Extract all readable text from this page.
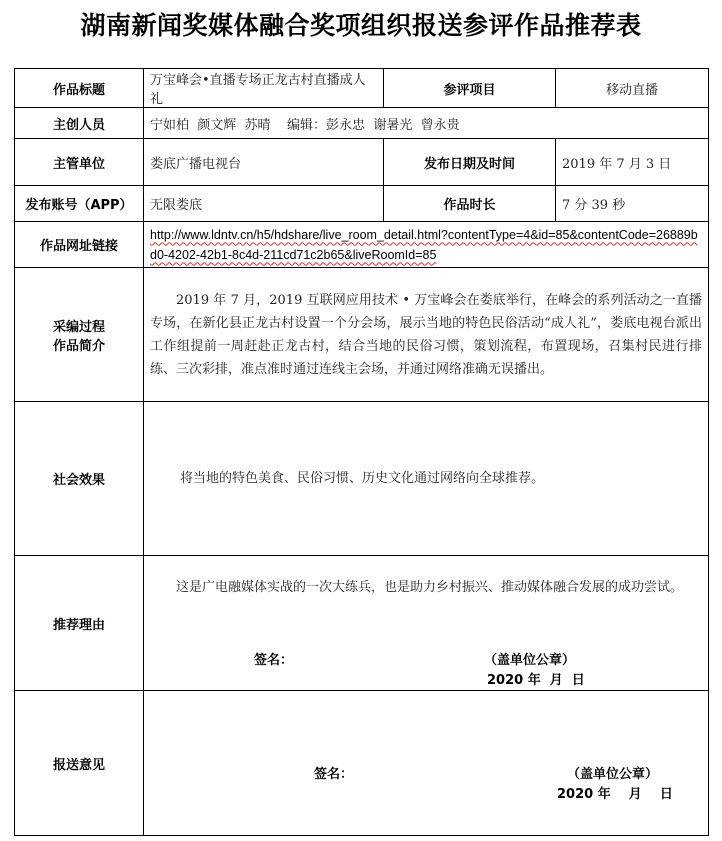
湖南新闻奖媒体融合奖项组织报送参评作品推荐表
作品标题	万宝峰会•直播专场正龙古村直播成人礼	参评项目	移动直播
主创人员	宁如柏  颜文辉  苏晴    编辑：彭永忠  谢暑光  曾永贵		
主管单位	娄底广播电视台	发布日期及时间	2019 年 7 月 3 日
发布账号（APP）	无限娄底	作品时长	7 分 39 秒
作品网址链接	http://www.ldntv.cn/h5/hdshare/live_room_detail.html?contentType=4&id=85&contentCode=26889bd0-4202-42b1-8c4d-211cd71c2b65&liveRoomId=85		

采编过程
作品简介	2019 年 7 月，2019 互联网应用技术 • 万宝峰会在娄底举行，在峰会的系列活动之一直播专场，在新化县正龙古村设置一个分会场，展示当地的特色民俗活动“成人礼”，娄底电视台派出工作组提前一周赶赴正龙古村，结合当地的民俗习惯，策划流程，布置现场，召集村民进行排练、三次彩排，准点准时通过连线主会场，并通过网络准确无误播出。		
社会效果	将当地的特色美食、民俗习惯、历史文化通过网络向全球推荐。		
推荐理由	这是广电融媒体实战的一次大练兵，也是助力乡村振兴、推动媒体融合发展的成功尝试。
签名： （盖单位公章）
2020 年  月  日		

报送意见	签名： （盖单位公章）
2020 年    月    日		
